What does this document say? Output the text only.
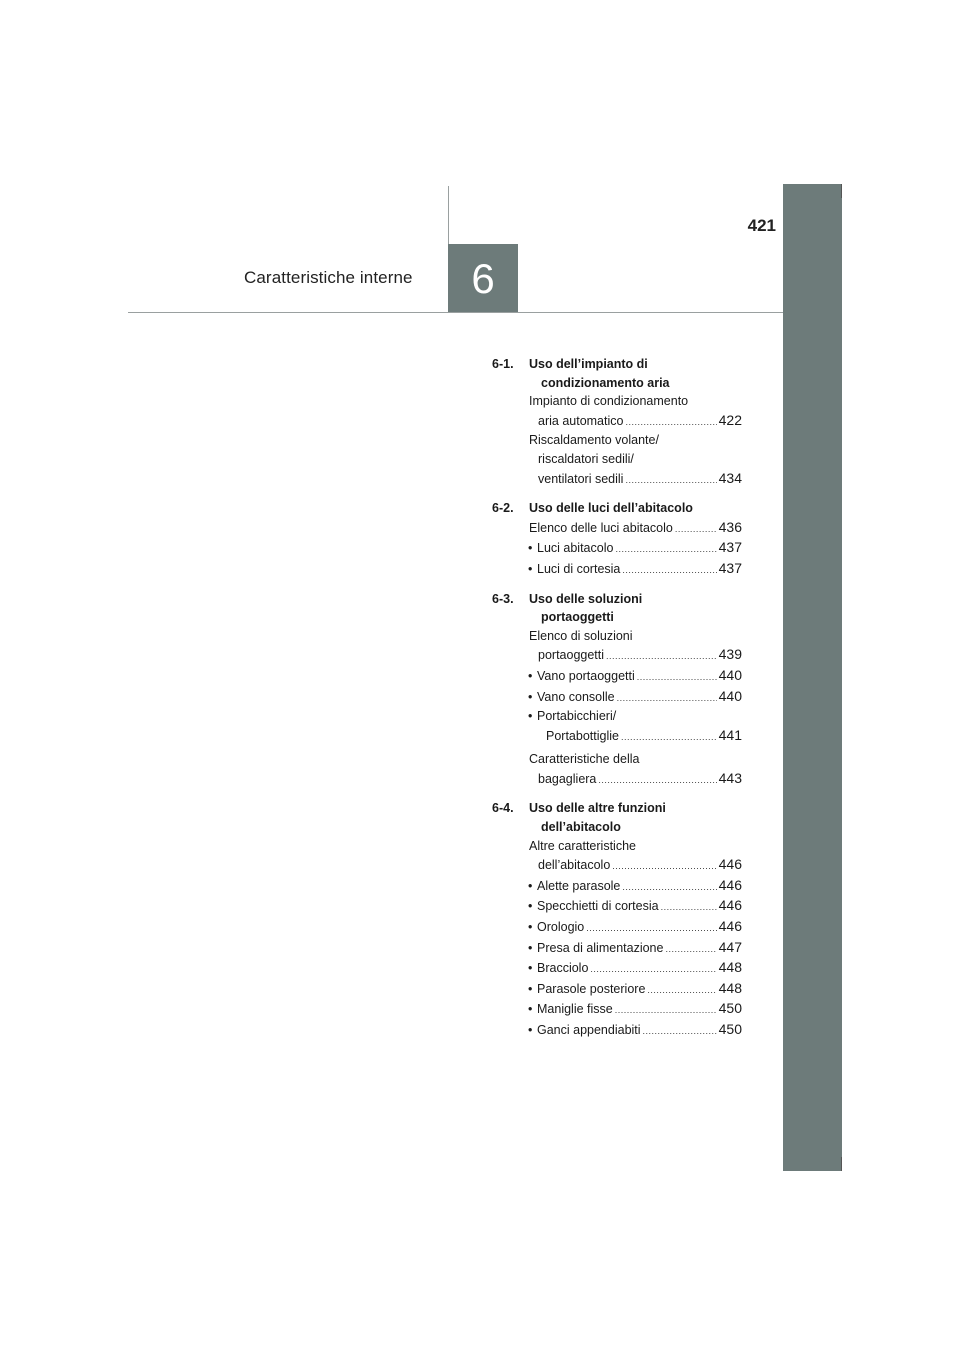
421
Caratteristiche interne 6
6-1.	Uso dell’impianto di
condizionamento aria
Impianto di condizionamento
aria automatico .....	422
Riscaldamento volante/
riscaldatori sedili/
ventilatori sedili .....	434
6-2.	Uso delle luci dell’abitacolo
Elenco delle luci abitacolo .....	436
• Luci abitacolo .....	437
• Luci di cortesia .....	437
6-3.	Uso delle soluzioni
portaoggetti
Elenco di soluzioni
portaoggetti .....	439
• Vano portaoggetti .....	440
• Vano consolle .....	440
• Portabicchieri/
Portabottiglie .....	441
Caratteristiche della
bagagliera .....	443
6-4.	Uso delle altre funzioni
dell’abitacolo
Altre caratteristiche
dell’abitacolo .....	446
• Alette parasole .....	446
• Specchietti di cortesia .....	446
• Orologio .....	446
• Presa di alimentazione .....	447
• Bracciolo .....	448
• Parasole posteriore .....	448
• Maniglie fisse .....	450
• Ganci appendiabiti .....	450
